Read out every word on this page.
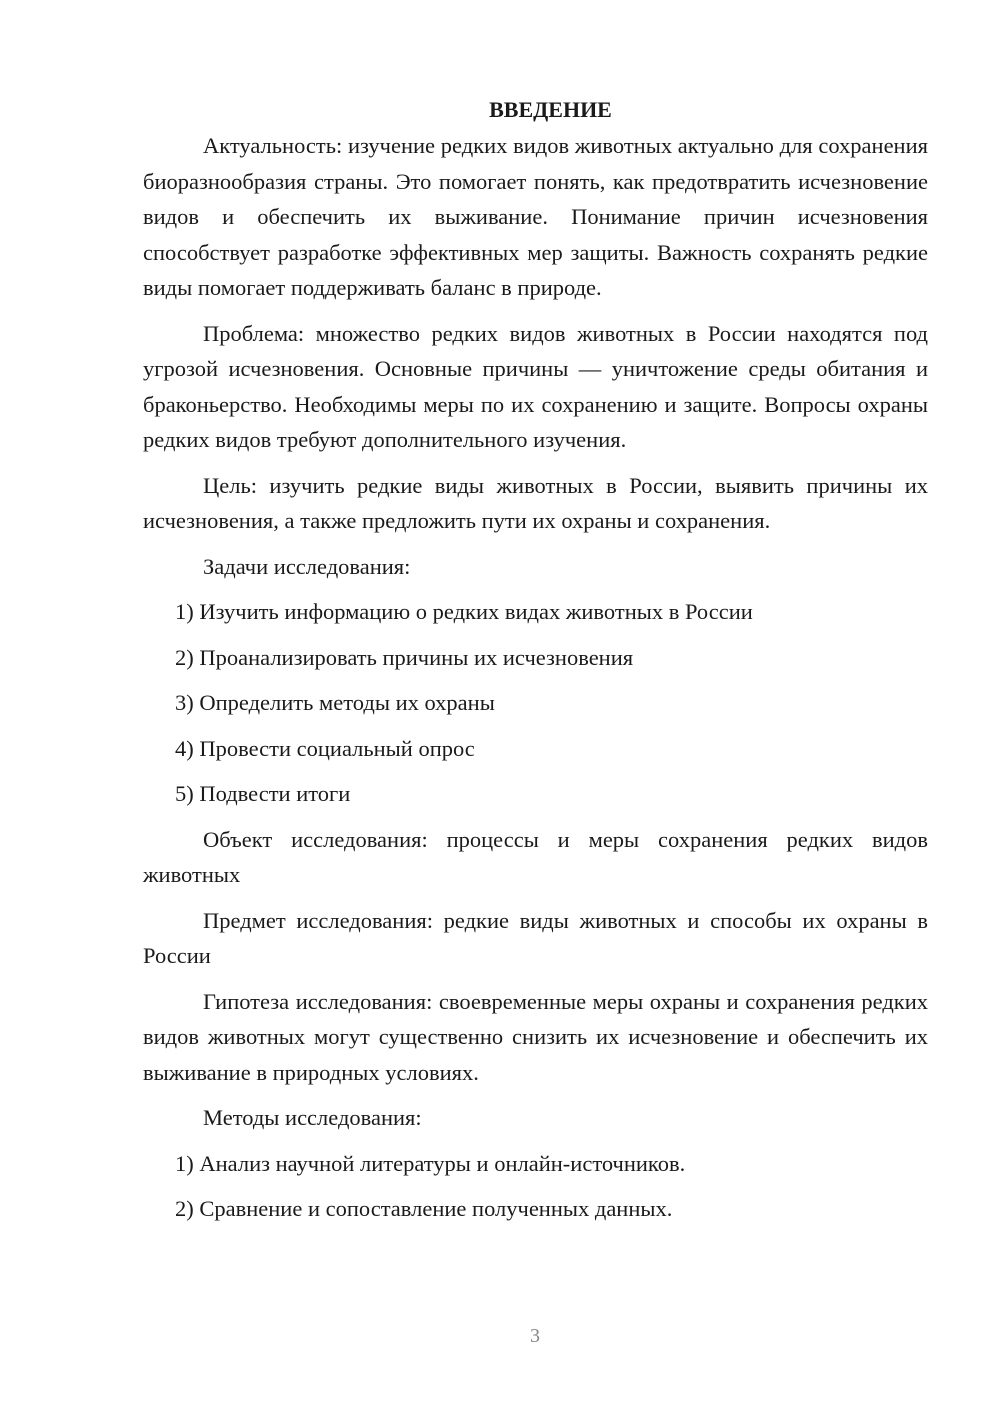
ВВЕДЕНИЕ

Актуальность: изучение редких видов животных актуально для сохранения биоразнообразия страны. Это помогает понять, как предотвратить исчезновение видов и обеспечить их выживание. Понимание причин исчезновения способствует разработке эффективных мер защиты. Важность сохранять редкие виды помогает поддерживать баланс в природе.

Проблема: множество редких видов животных в России находятся под угрозой исчезновения. Основные причины — уничтожение среды обитания и браконьерство. Необходимы меры по их сохранению и защите. Вопросы охраны редких видов требуют дополнительного изучения.

Цель: изучить редкие виды животных в России, выявить причины их исчезновения, а также предложить пути их охраны и сохранения.

Задачи исследования:

1) Изучить информацию о редких видах животных в России
2) Проанализировать причины их исчезновения
3) Определить методы их охраны
4) Провести социальный опрос
5) Подвести итоги

Объект исследования: процессы и меры сохранения редких видов животных

Предмет исследования: редкие виды животных и способы их охраны в России

Гипотеза исследования: своевременные меры охраны и сохранения редких видов животных могут существенно снизить их исчезновение и обеспечить их выживание в природных условиях.

Методы исследования:

1) Анализ научной литературы и онлайн-источников.
2) Сравнение и сопоставление полученных данных.
3
